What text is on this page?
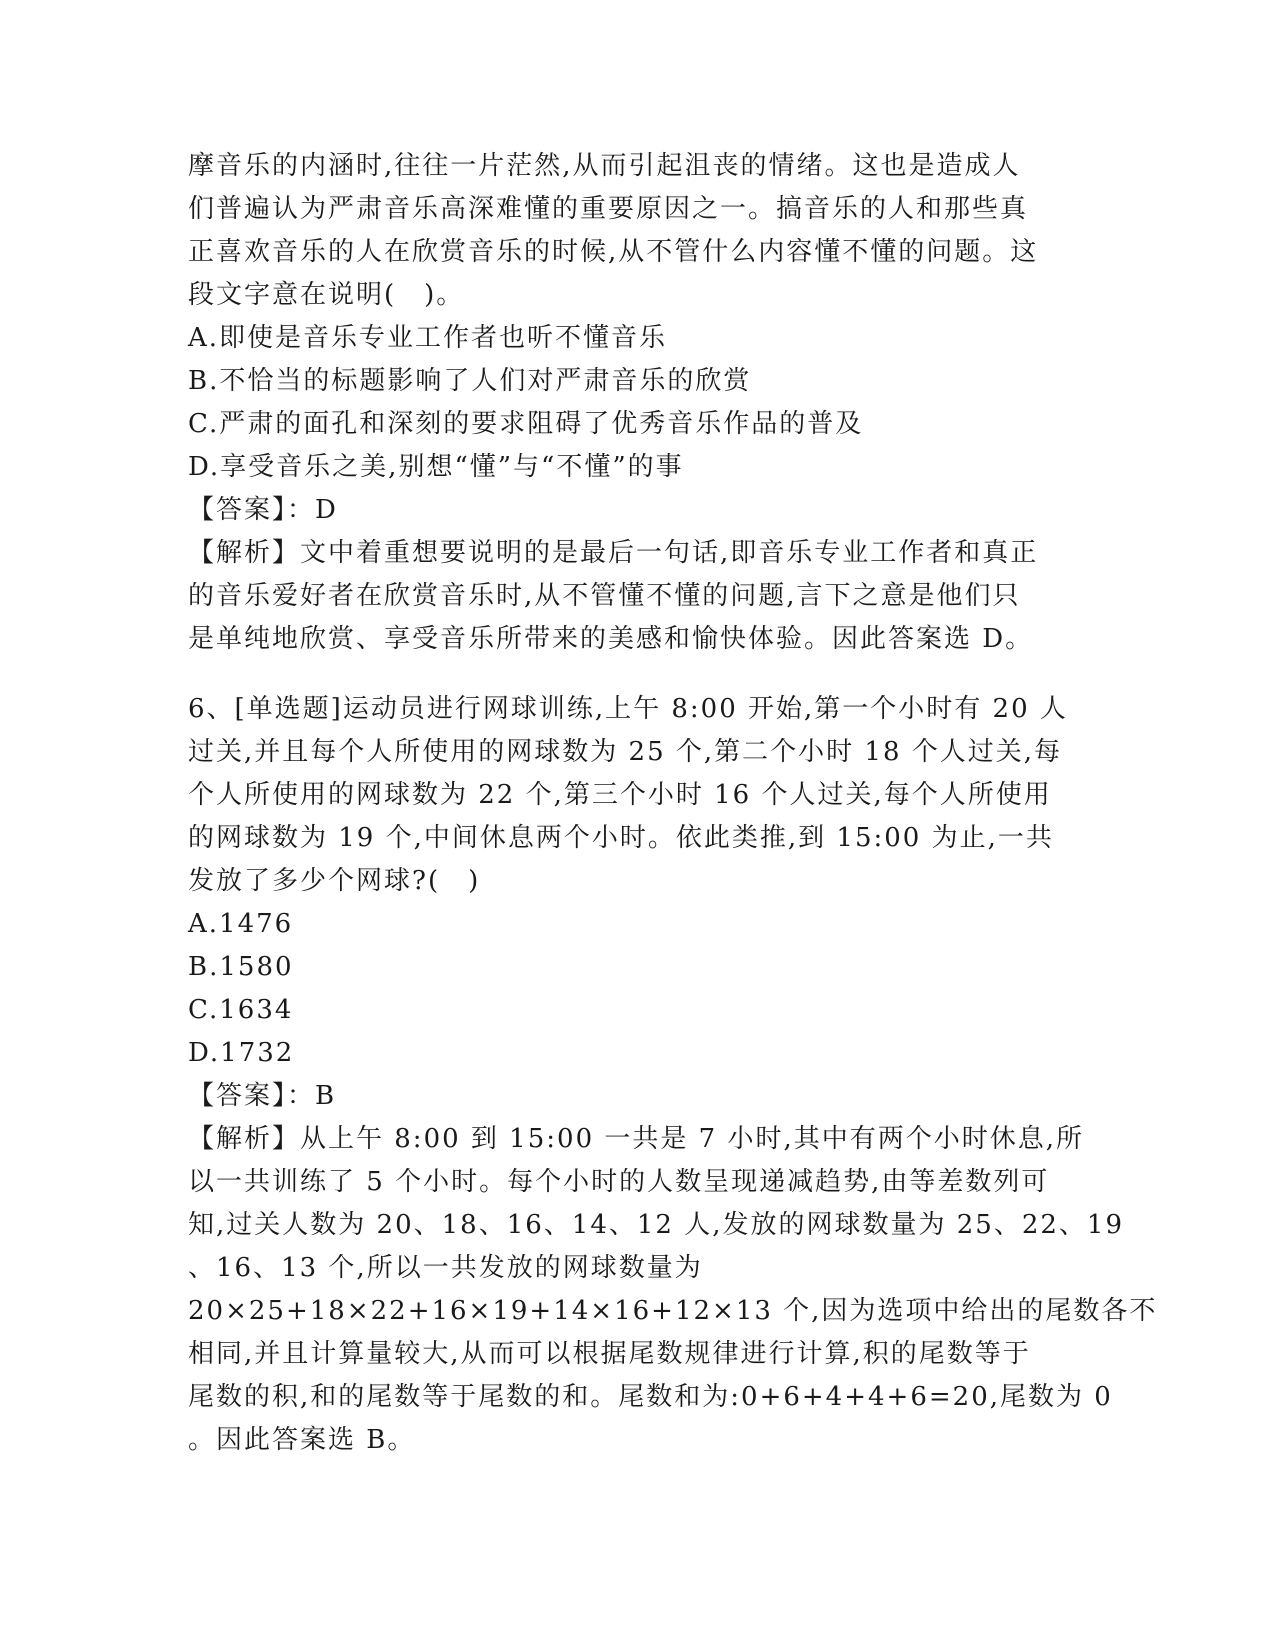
摩音乐的内涵时,往往一片茫然,从而引起沮丧的情绪。这也是造成人
们普遍认为严肃音乐高深难懂的重要原因之一。搞音乐的人和那些真
正喜欢音乐的人在欣赏音乐的时候,从不管什么内容懂不懂的问题。这
段文字意在说明(　)。
A.即使是音乐专业工作者也听不懂音乐
B.不恰当的标题影响了人们对严肃音乐的欣赏
C.严肃的面孔和深刻的要求阻碍了优秀音乐作品的普及
D.享受音乐之美,别想“懂”与“不懂”的事
【答案】：D
【解析】文中着重想要说明的是最后一句话,即音乐专业工作者和真正
的音乐爱好者在欣赏音乐时,从不管懂不懂的问题,言下之意是他们只
是单纯地欣赏、享受音乐所带来的美感和愉快体验。因此答案选 D。
6、[单选题]运动员进行网球训练,上午 8:00 开始,第一个小时有 20 人
过关,并且每个人所使用的网球数为 25 个,第二个小时 18 个人过关,每
个人所使用的网球数为 22 个,第三个小时 16 个人过关,每个人所使用
的网球数为 19 个,中间休息两个小时。依此类推,到 15:00 为止,一共
发放了多少个网球?(　)
A.1476
B.1580
C.1634
D.1732
【答案】：B
【解析】从上午 8:00 到 15:00 一共是 7 小时,其中有两个小时休息,所
以一共训练了 5 个小时。每个小时的人数呈现递减趋势,由等差数列可
知,过关人数为 20、18、16、14、12 人,发放的网球数量为 25、22、19
、16、13 个,所以一共发放的网球数量为
20×25+18×22+16×19+14×16+12×13 个,因为选项中给出的尾数各不
相同,并且计算量较大,从而可以根据尾数规律进行计算,积的尾数等于
尾数的积,和的尾数等于尾数的和。尾数和为:0+6+4+4+6=20,尾数为 0
。因此答案选 B。
